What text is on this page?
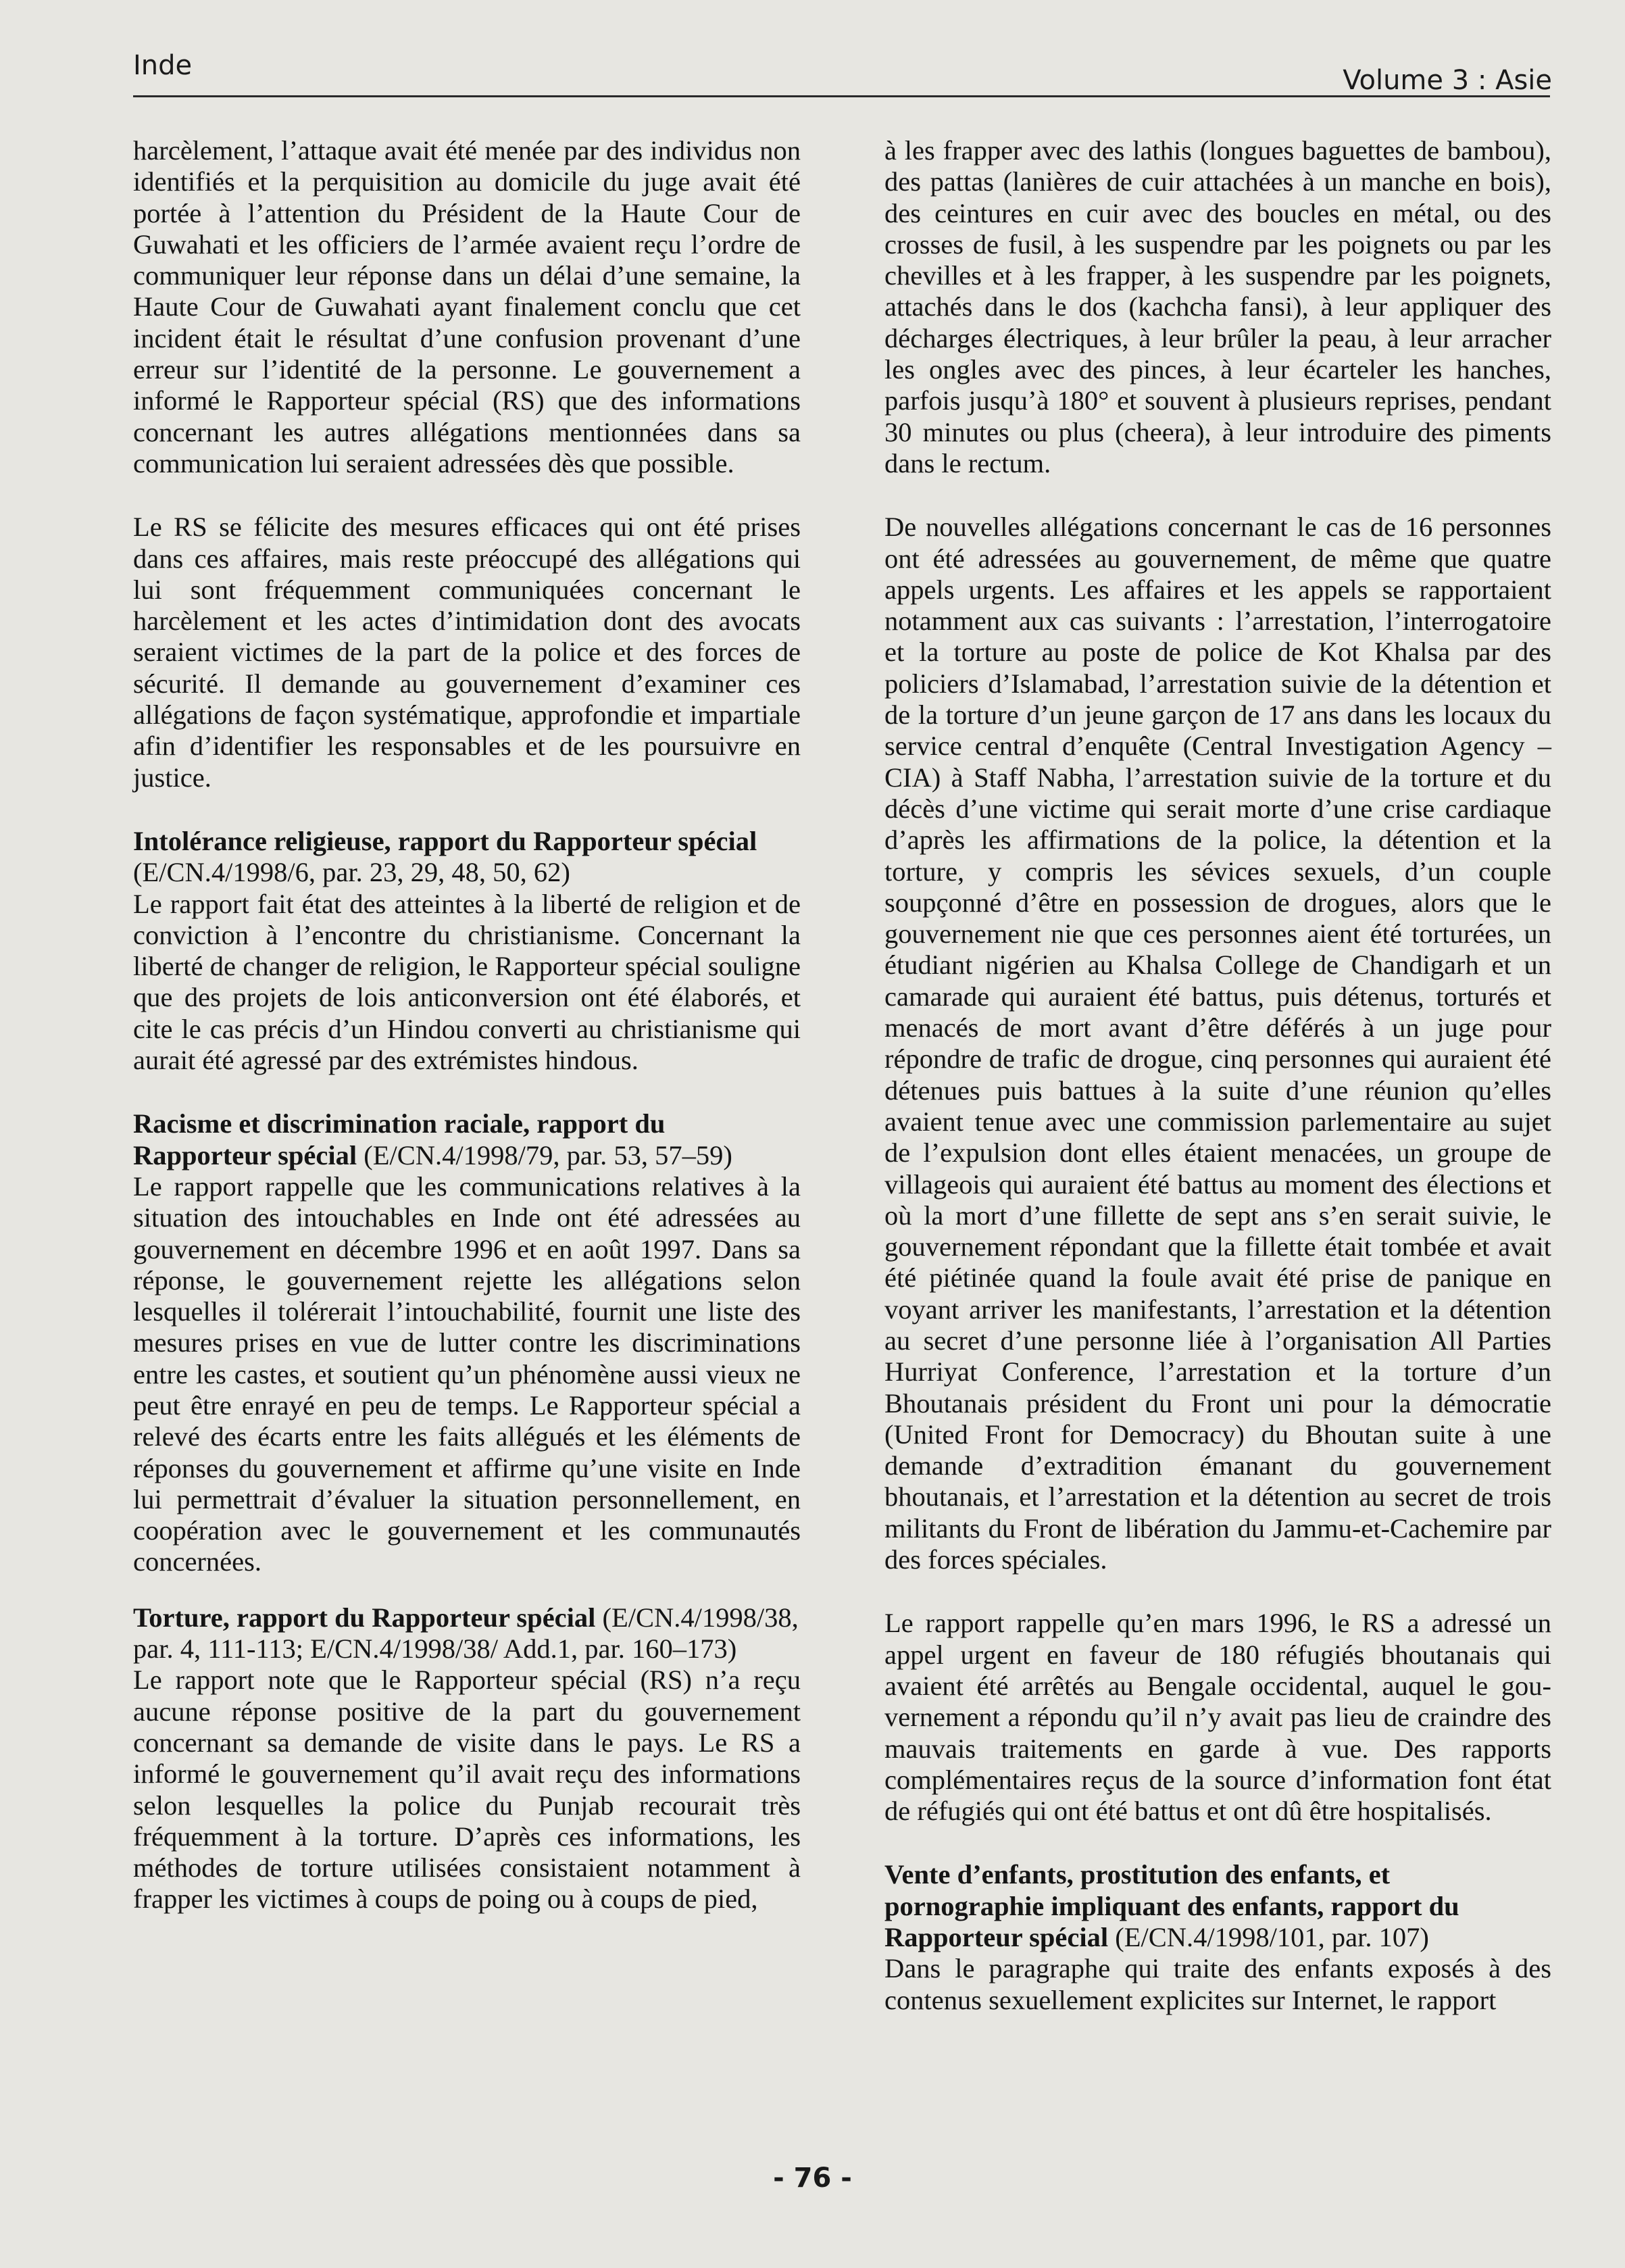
Inde	Volume 3 : Asie

harcèlement, l’attaque avait été menée par des individus non identifiés et la perquisition au domicile du juge avait été portée à l’attention du Président de la Haute Cour de Guwahati et les officiers de l’armée avaient reçu l’ordre de communiquer leur réponse dans un délai d’une semaine, la Haute Cour de Guwahati ayant finalement conclu que cet incident était le résultat d’une confusion provenant d’une erreur sur l’identité de la personne. Le gouvernement a informé le Rapporteur spécial (RS) que des informations concernant les autres allégations mentionnées dans sa communication lui seraient adressées dès que possible.

Le RS se félicite des mesures efficaces qui ont été prises dans ces affaires, mais reste préoccupé des allégations qui lui sont fréquemment communiquées concernant le harcèlement et les actes d’intimidation dont des avocats seraient victimes de la part de la police et des forces de sécurité. Il demande au gouvernement d’examiner ces allégations de façon systématique, approfondie et impartiale afin d’identifier les responsables et de les poursuivre en justice.

Intolérance religieuse, rapport du Rapporteur spécial (E/CN.4/1998/6, par. 23, 29, 48, 50, 62)

Le rapport fait état des atteintes à la liberté de religion et de conviction à l’encontre du christianisme. Concernant la liberté de changer de religion, le Rapporteur spécial souligne que des projets de lois anticonversion ont été élaborés, et cite le cas précis d’un Hindou converti au christianisme qui aurait été agressé par des extrémistes hindous.

Racisme et discrimination raciale, rapport du Rapporteur spécial (E/CN.4/1998/79, par. 53, 57–59)

Le rapport rappelle que les communications relatives à la situation des intouchables en Inde ont été adressées au gouvernement en décembre 1996 et en août 1997. Dans sa réponse, le gouvernement rejette les allégations selon lesquelles il tolérerait l’intouchabilité, fournit une liste des mesures prises en vue de lutter contre les discriminations entre les castes, et soutient qu’un phénomène aussi vieux ne peut être enrayé en peu de temps. Le Rapporteur spécial a relevé des écarts entre les faits allégués et les éléments de réponses du gouvernement et affirme qu’une visite en Inde lui permettrait d’évaluer la situation personnellement, en coopération avec le gouvernement et les communautés concernées.

Torture, rapport du Rapporteur spécial (E/CN.4/1998/38, par. 4, 111-113; E/CN.4/1998/38/ Add.1, par. 160–173)

Le rapport note que le Rapporteur spécial (RS) n’a reçu aucune réponse positive de la part du gouvernement concernant sa demande de visite dans le pays. Le RS a informé le gouvernement qu’il avait reçu des informations selon lesquelles la police du Punjab recourait très fréquemment à la torture. D’après ces informations, les méthodes de torture utilisées consistaient notamment à frapper les victimes à coups de poing ou à coups de pied,

à les frapper avec des lathis (longues baguettes de bambou), des pattas (lanières de cuir attachées à un manche en bois), des ceintures en cuir avec des boucles en métal, ou des crosses de fusil, à les suspendre par les poignets ou par les chevilles et à les frapper, à les suspendre par les poignets, attachés dans le dos (kachcha fansi), à leur appliquer des décharges électriques, à leur brûler la peau, à leur arracher les ongles avec des pinces, à leur écarteler les hanches, parfois jusqu’à 180° et souvent à plusieurs reprises, pendant 30 minutes ou plus (cheera), à leur introduire des piments dans le rectum.

De nouvelles allégations concernant le cas de 16 personnes ont été adressées au gouvernement, de même que quatre appels urgents. Les affaires et les appels se rapportaient notamment aux cas suivants : l’arrestation, l’interrogatoire et la torture au poste de police de Kot Khalsa par des policiers d’Islamabad, l’arrestation suivie de la détention et de la torture d’un jeune garçon de 17 ans dans les locaux du service central d’enquête (Central Investigation Agency – CIA) à Staff Nabha, l’arrestation suivie de la torture et du décès d’une victime qui serait morte d’une crise cardiaque d’après les affirmations de la police, la détention et la torture, y compris les sévices sexuels, d’un couple soupçonné d’être en possession de drogues, alors que le gouvernement nie que ces personnes aient été torturées, un étudiant nigérien au Khalsa College de Chandigarh et un camarade qui auraient été battus, puis détenus, torturés et menacés de mort avant d’être déférés à un juge pour répondre de trafic de drogue, cinq personnes qui auraient été détenues puis battues à la suite d’une réunion qu’elles avaient tenue avec une commission parlementaire au sujet de l’expulsion dont elles étaient menacées, un groupe de villageois qui auraient été battus au moment des élections et où la mort d’une fillette de sept ans s’en serait suivie, le gouvernement répondant que la fillette était tombée et avait été piétinée quand la foule avait été prise de panique en voyant arriver les manifestants, l’arrestation et la détention au secret d’une personne liée à l’organisation All Parties Hurriyat Conference, l’arrestation et la torture d’un Bhoutanais président du Front uni pour la démocratie (United Front for Democracy) du Bhoutan suite à une demande d’extradition émanant du gouvernement bhoutanais, et l’arrestation et la détention au secret de trois militants du Front de libération du Jammu-et-Cachemire par des forces spéciales.

Le rapport rappelle qu’en mars 1996, le RS a adressé un appel urgent en faveur de 180 réfugiés bhoutanais qui avaient été arrêtés au Bengale occidental, auquel le gouvernement a répondu qu’il n’y avait pas lieu de craindre des mauvais traitements en garde à vue. Des rapports complémentaires reçus de la source d’information font état de réfugiés qui ont été battus et ont dû être hospitalisés.

Vente d’enfants, prostitution des enfants, et pornographie impliquant des enfants, rapport du Rapporteur spécial (E/CN.4/1998/101, par. 107)

Dans le paragraphe qui traite des enfants exposés à des contenus sexuellement explicites sur Internet, le rapport

- 76 -
